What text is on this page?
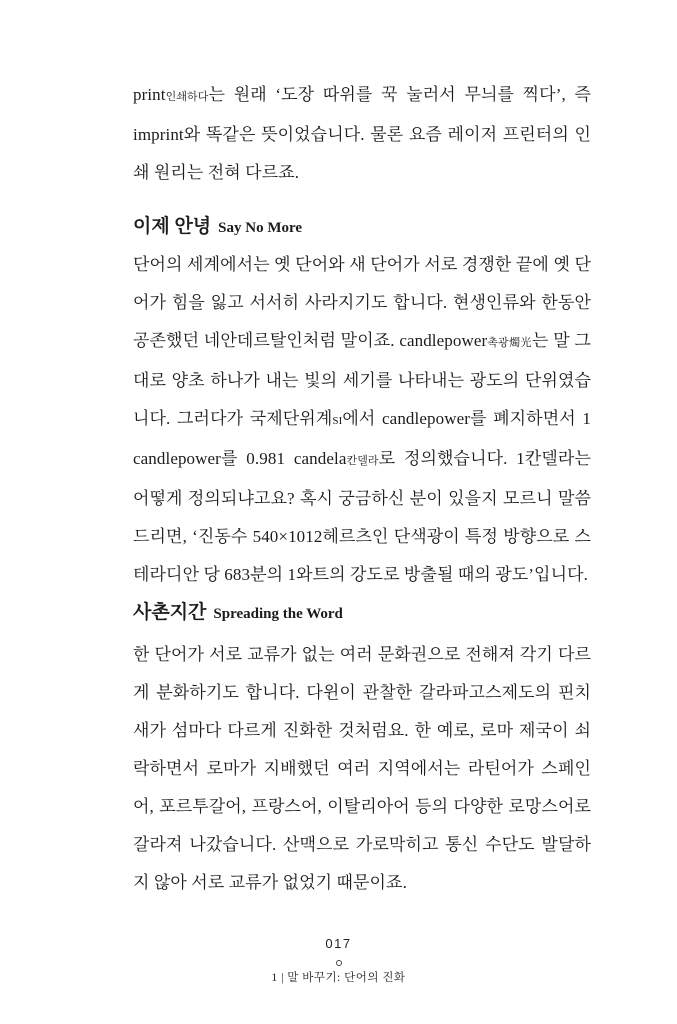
print인쇄하다는 원래 ‘도장 따위를 꾹 눌러서 무늬를 찍다’, 즉 imprint와 똑같은 뜻이었습니다. 물론 요즘 레이저 프린터의 인쇄 원리는 전혀 다르죠.
이제 안녕 Say No More
단어의 세계에서는 옛 단어와 새 단어가 서로 경쟁한 끝에 옛 단어가 힘을 잃고 서서히 사라지기도 합니다. 현생인류와 한동안 공존했던 네안데르탈인처럼 말이죠. candlepower촉광燭光는 말 그대로 양초 하나가 내는 빛의 세기를 나타내는 광도의 단위였습니다. 그러다가 국제단위계SI에서 candlepower를 폐지하면서 1 candlepower를 0.981 candela칸델라로 정의했습니다. 1칸델라는 어떻게 정의되냐고요? 혹시 궁금하신 분이 있을지 모르니 말씀드리면, ‘진동수 540×1012헤르츠인 단색광이 특정 방향으로 스테라디안 당 683분의 1와트의 강도로 방출될 때의 광도’입니다.
사촌지간 Spreading the Word
한 단어가 서로 교류가 없는 여러 문화권으로 전해져 각기 다르게 분화하기도 합니다. 다윈이 관찰한 갈라파고스제도의 핀치 새가 섬마다 다르게 진화한 것처럼요. 한 예로, 로마 제국이 쇠락하면서 로마가 지배했던 여러 지역에서는 라틴어가 스페인어, 포르투갈어, 프랑스어, 이탈리아어 등의 다양한 로망스어로 갈라져 나갔습니다. 산맥으로 가로막히고 통신 수단도 발달하지 않아 서로 교류가 없었기 때문이죠.
017
1 | 말 바꾸기: 단어의 진화
